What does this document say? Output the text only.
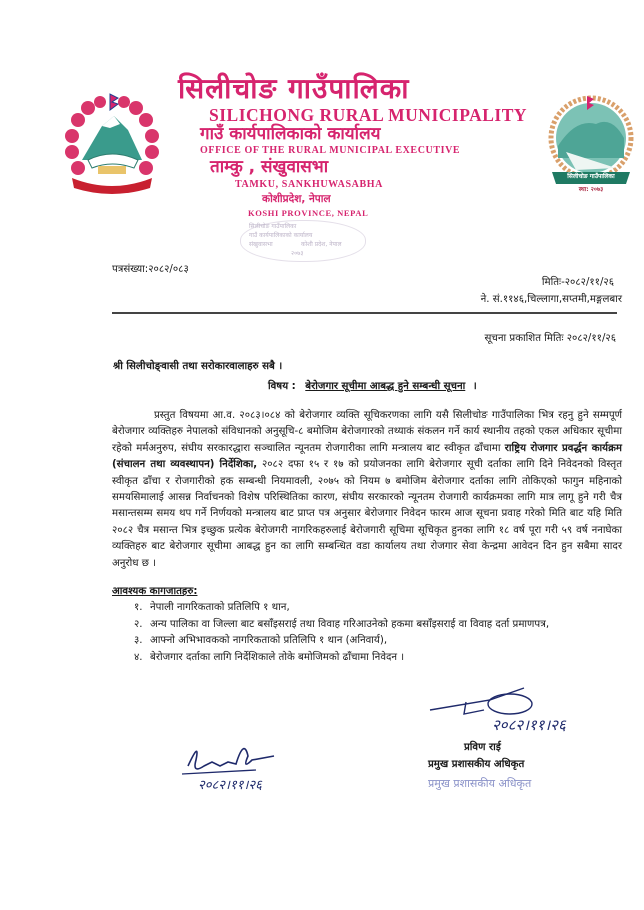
सिलीचोङ गाउँपालिका
स्था: २०७३
सिलीचोङ गाउँपालिका
SILICHONG RURAL MUNICIPALITY
गाउँ कार्यपालिकाको कार्यालय
OFFICE OF THE RURAL MUNICIPAL EXECUTIVE
ताम्कु , संखुवासभा
TAMKU, SANKHUWASABHA
कोशीप्रदेश, नेपाल
KOSHI PROVINCE, NEPAL
सिलीचोङ गाउँपालिका
गाउँ कार्यपालिकाको कार्यालय
संखुवासभा	कोशी प्रदेश, नेपाल
२०७३
पत्रसंख्या:२०८२/०८३
मितिः-२०८२/११/२६
ने. सं.११४६,चिल्लागा,सप्तमी,मङ्गलबार
सूचना प्रकाशित मितिः २०८२/११/२६
श्री सिलीचोङ्वासी तथा सरोकारवालाहरु सबै ।
विषय : बेरोजगार सूचीमा आबद्ध हुने सम्बन्धी सूचना ।
प्रस्तुत विषयमा आ.व. २०८३।०८४ को बेरोजगार व्यक्ति सूचिकरणका लागि यसै सिलीचोङ गाउँपालिका भित्र रहनु हुने सम्मपूर्ण बेरोजगार व्यक्तिहरु नेपालको संविधानको अनुसूचि-८ बमोजिम बेरोजगारको तथ्याकं संकलन गर्ने कार्य स्थानीय तहको एकल अधिकार सूचीमा रहेको मर्मअनुरुप, संघीय सरकारद्धारा सञ्चालित न्यूनतम रोजगारीका लागि मन्त्रालय बाट स्वीकृत ढाँचामा राष्ट्रिय रोजगार प्रवर्द्धन कार्यक्रम (संचालन तथा व्यवस्थापन) निर्देशिका, २०८२ दफा १५ र १७ को प्रयोजनका लागि बेरोजगार सूची दर्ताका लागि दिने निवेदनको विस्तृत स्वीकृत ढाँचा र रोजगारीको हक सम्बन्धी नियमावली, २०७५ को नियम ७ बमोजिम बेरोजगार दर्ताका लागि तोकिएको फागुन महिनाको समयसिमालाई आसन्न निर्वाचनको विशेष परिस्थितिका कारण, संघीय सरकारको न्यूनतम रोजगारी कार्यक्रमका लागि मात्र लागू हुने गरी चैत्र मसान्तसम्म समय थप गर्ने निर्णयको मन्त्रालय बाट प्राप्त पत्र अनुसार बेरोजगार निवेदन फारम आज सूचना प्रवाह गरेको मिति बाट यहि मिति २०८२ चैत्र मसान्त भित्र इच्छुक प्रत्येक बेरोजगरी नागरिकहरुलाई बेरोजगारी सूचिमा सूचिकृत हुनका लागि १८ वर्ष पूरा गरी ५९ वर्ष ननाघेका व्यक्तिहरु बाट बेरोजगार सूचीमा आबद्ध हुन का लागि सम्बन्धित वडा कार्यालय तथा रोजगार सेवा केन्द्रमा आवेदन दिन हुन सबैमा सादर अनुरोध छ ।
आवश्यक कागजातहरु:
१. नेपाली नागरिकताको प्रतिलिपि १ थान,
२. अन्य पालिका वा जिल्ला बाट बसाँइसराई तथा विवाह गरिआउनेको हकमा बसाँइसराई वा विवाह दर्ता प्रमाणपत्र,
३. आफ्नो अभिभावकको नागरिकताको प्रतिलिपि १ थान (अनिवार्य),
४. बेरोजगार दर्ताका लागि निर्देशिकाले तोके बमोजिमको ढाँचामा निवेदन ।
२०८२।११।२६
२०८२।११।२६
प्रविण राई
प्रमुख प्रशासकीय अधिकृत
प्रमुख प्रशासकीय अधिकृत
